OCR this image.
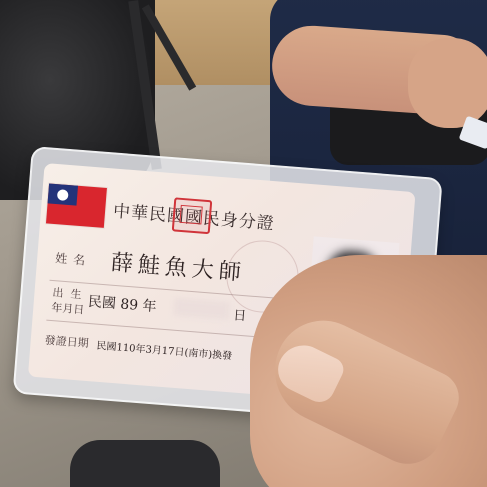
中華民國國民身分證
姓名 薛鮭魚大師
出生
年月日 民國 89 年
日
發證日期 民國110年3月17日(南市)換發
